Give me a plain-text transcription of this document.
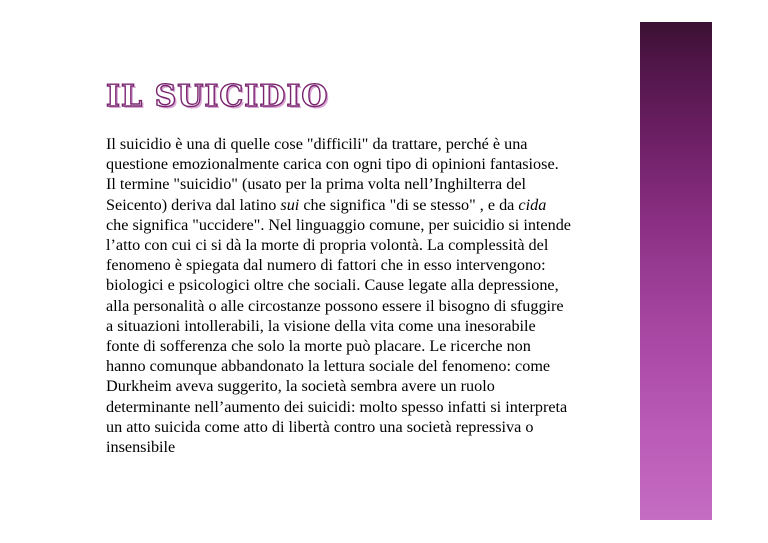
IL SUICIDIO
Il suicidio è una di quelle cose "difficili" da trattare, perché è una
questione emozionalmente carica con ogni tipo di opinioni fantasiose.
Il termine "suicidio" (usato per la prima volta nell’Inghilterra del
Seicento) deriva dal latino sui che significa "di se stesso" , e da cida
che significa "uccidere". Nel linguaggio comune, per suicidio si intende
l’atto con cui ci si dà la morte di propria volontà. La complessità del
fenomeno è spiegata dal numero di fattori che in esso intervengono:
biologici e psicologici oltre che sociali. Cause legate alla depressione,
alla personalità o alle circostanze possono essere il bisogno di sfuggire
a situazioni intollerabili, la visione della vita come una inesorabile
fonte di sofferenza che solo la morte può placare. Le ricerche non
hanno comunque abbandonato la lettura sociale del fenomeno: come
Durkheim aveva suggerito, la società sembra avere un ruolo
determinante nell’aumento dei suicidi: molto spesso infatti si interpreta
un atto suicida come atto di libertà contro una società repressiva o
insensibile
